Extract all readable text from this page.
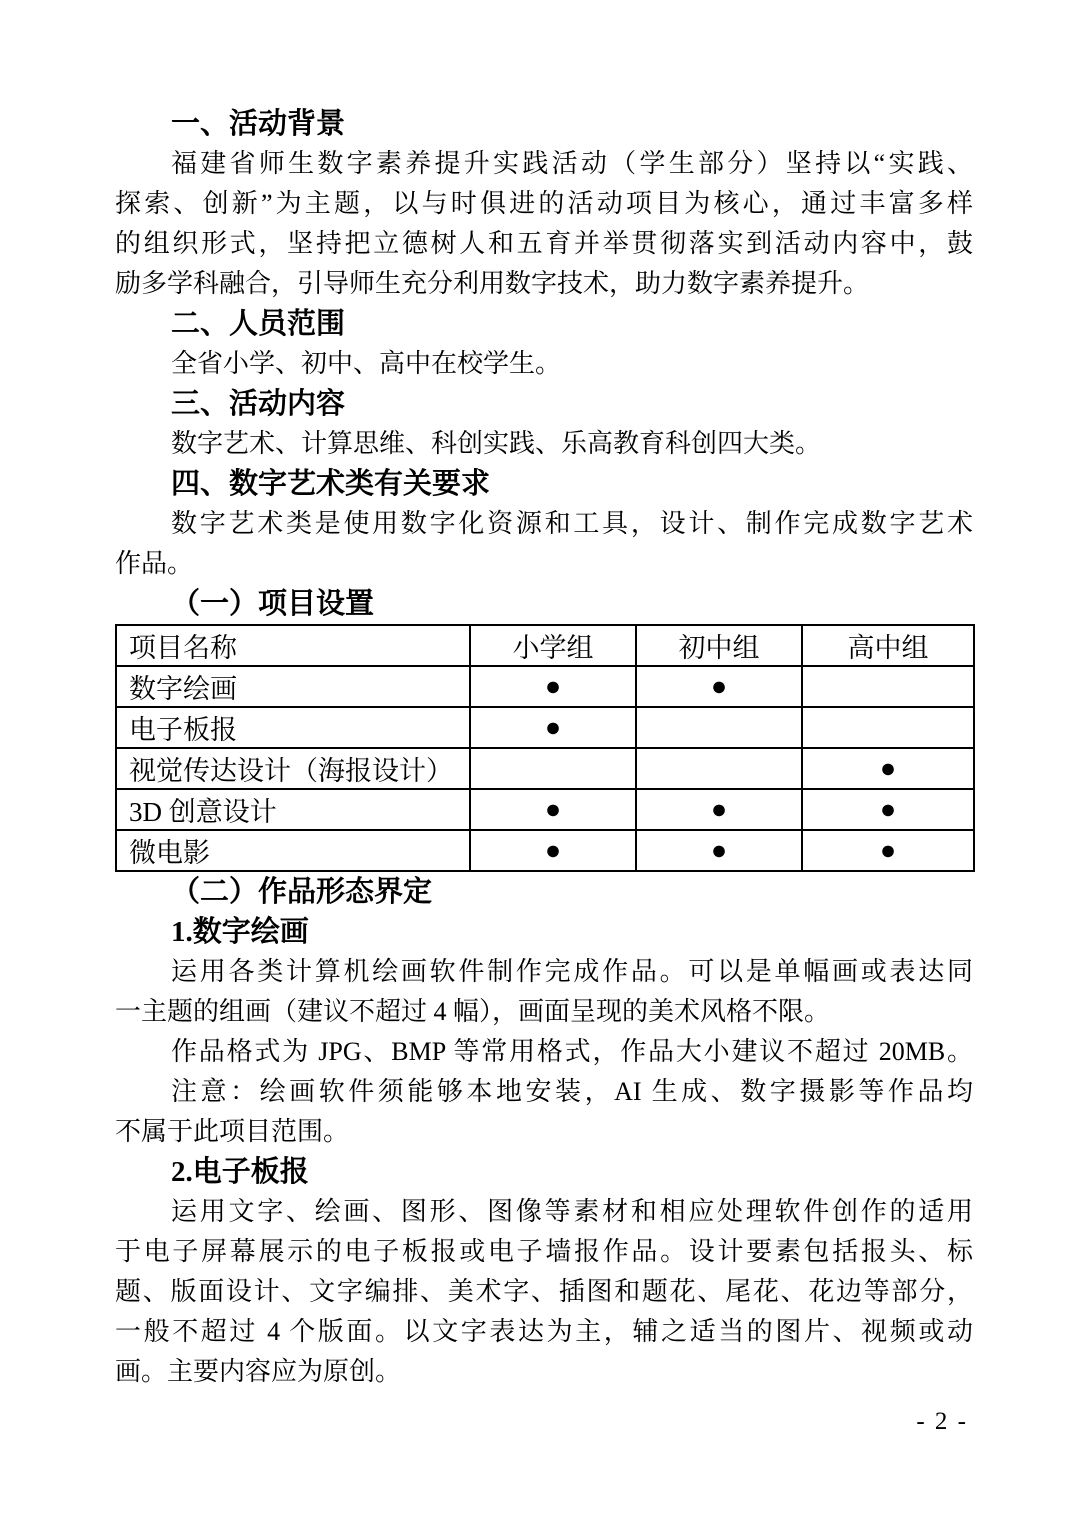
一、活动背景
福建省师生数字素养提升实践活动（学生部分）坚持以“实践、
探索、创新”为主题，以与时俱进的活动项目为核心，通过丰富多样
的组织形式，坚持把立德树人和五育并举贯彻落实到活动内容中，鼓
励多学科融合，引导师生充分利用数字技术，助力数字素养提升。
二、人员范围
全省小学、初中、高中在校学生。
三、活动内容
数字艺术、计算思维、科创实践、乐高教育科创四大类。
四、数字艺术类有关要求
数字艺术类是使用数字化资源和工具，设计、制作完成数字艺术
作品。
（一）项目设置
项目名称	小学组	初中组	高中组
数字绘画	●	●	
电子板报	●		
视觉传达设计（海报设计）			●
3D 创意设计	●	●	●
微电影	●	●	●
（二）作品形态界定
1.数字绘画
运用各类计算机绘画软件制作完成作品。可以是单幅画或表达同
一主题的组画（建议不超过 4 幅），画面呈现的美术风格不限。
作品格式为 JPG、BMP 等常用格式，作品大小建议不超过 20MB。
注意：绘画软件须能够本地安装，AI 生成、数字摄影等作品均
不属于此项目范围。
2.电子板报
运用文字、绘画、图形、图像等素材和相应处理软件创作的适用
于电子屏幕展示的电子板报或电子墙报作品。设计要素包括报头、标
题、版面设计、文字编排、美术字、插图和题花、尾花、花边等部分，
一般不超过 4 个版面。以文字表达为主，辅之适当的图片、视频或动
画。主要内容应为原创。
- 2 -
